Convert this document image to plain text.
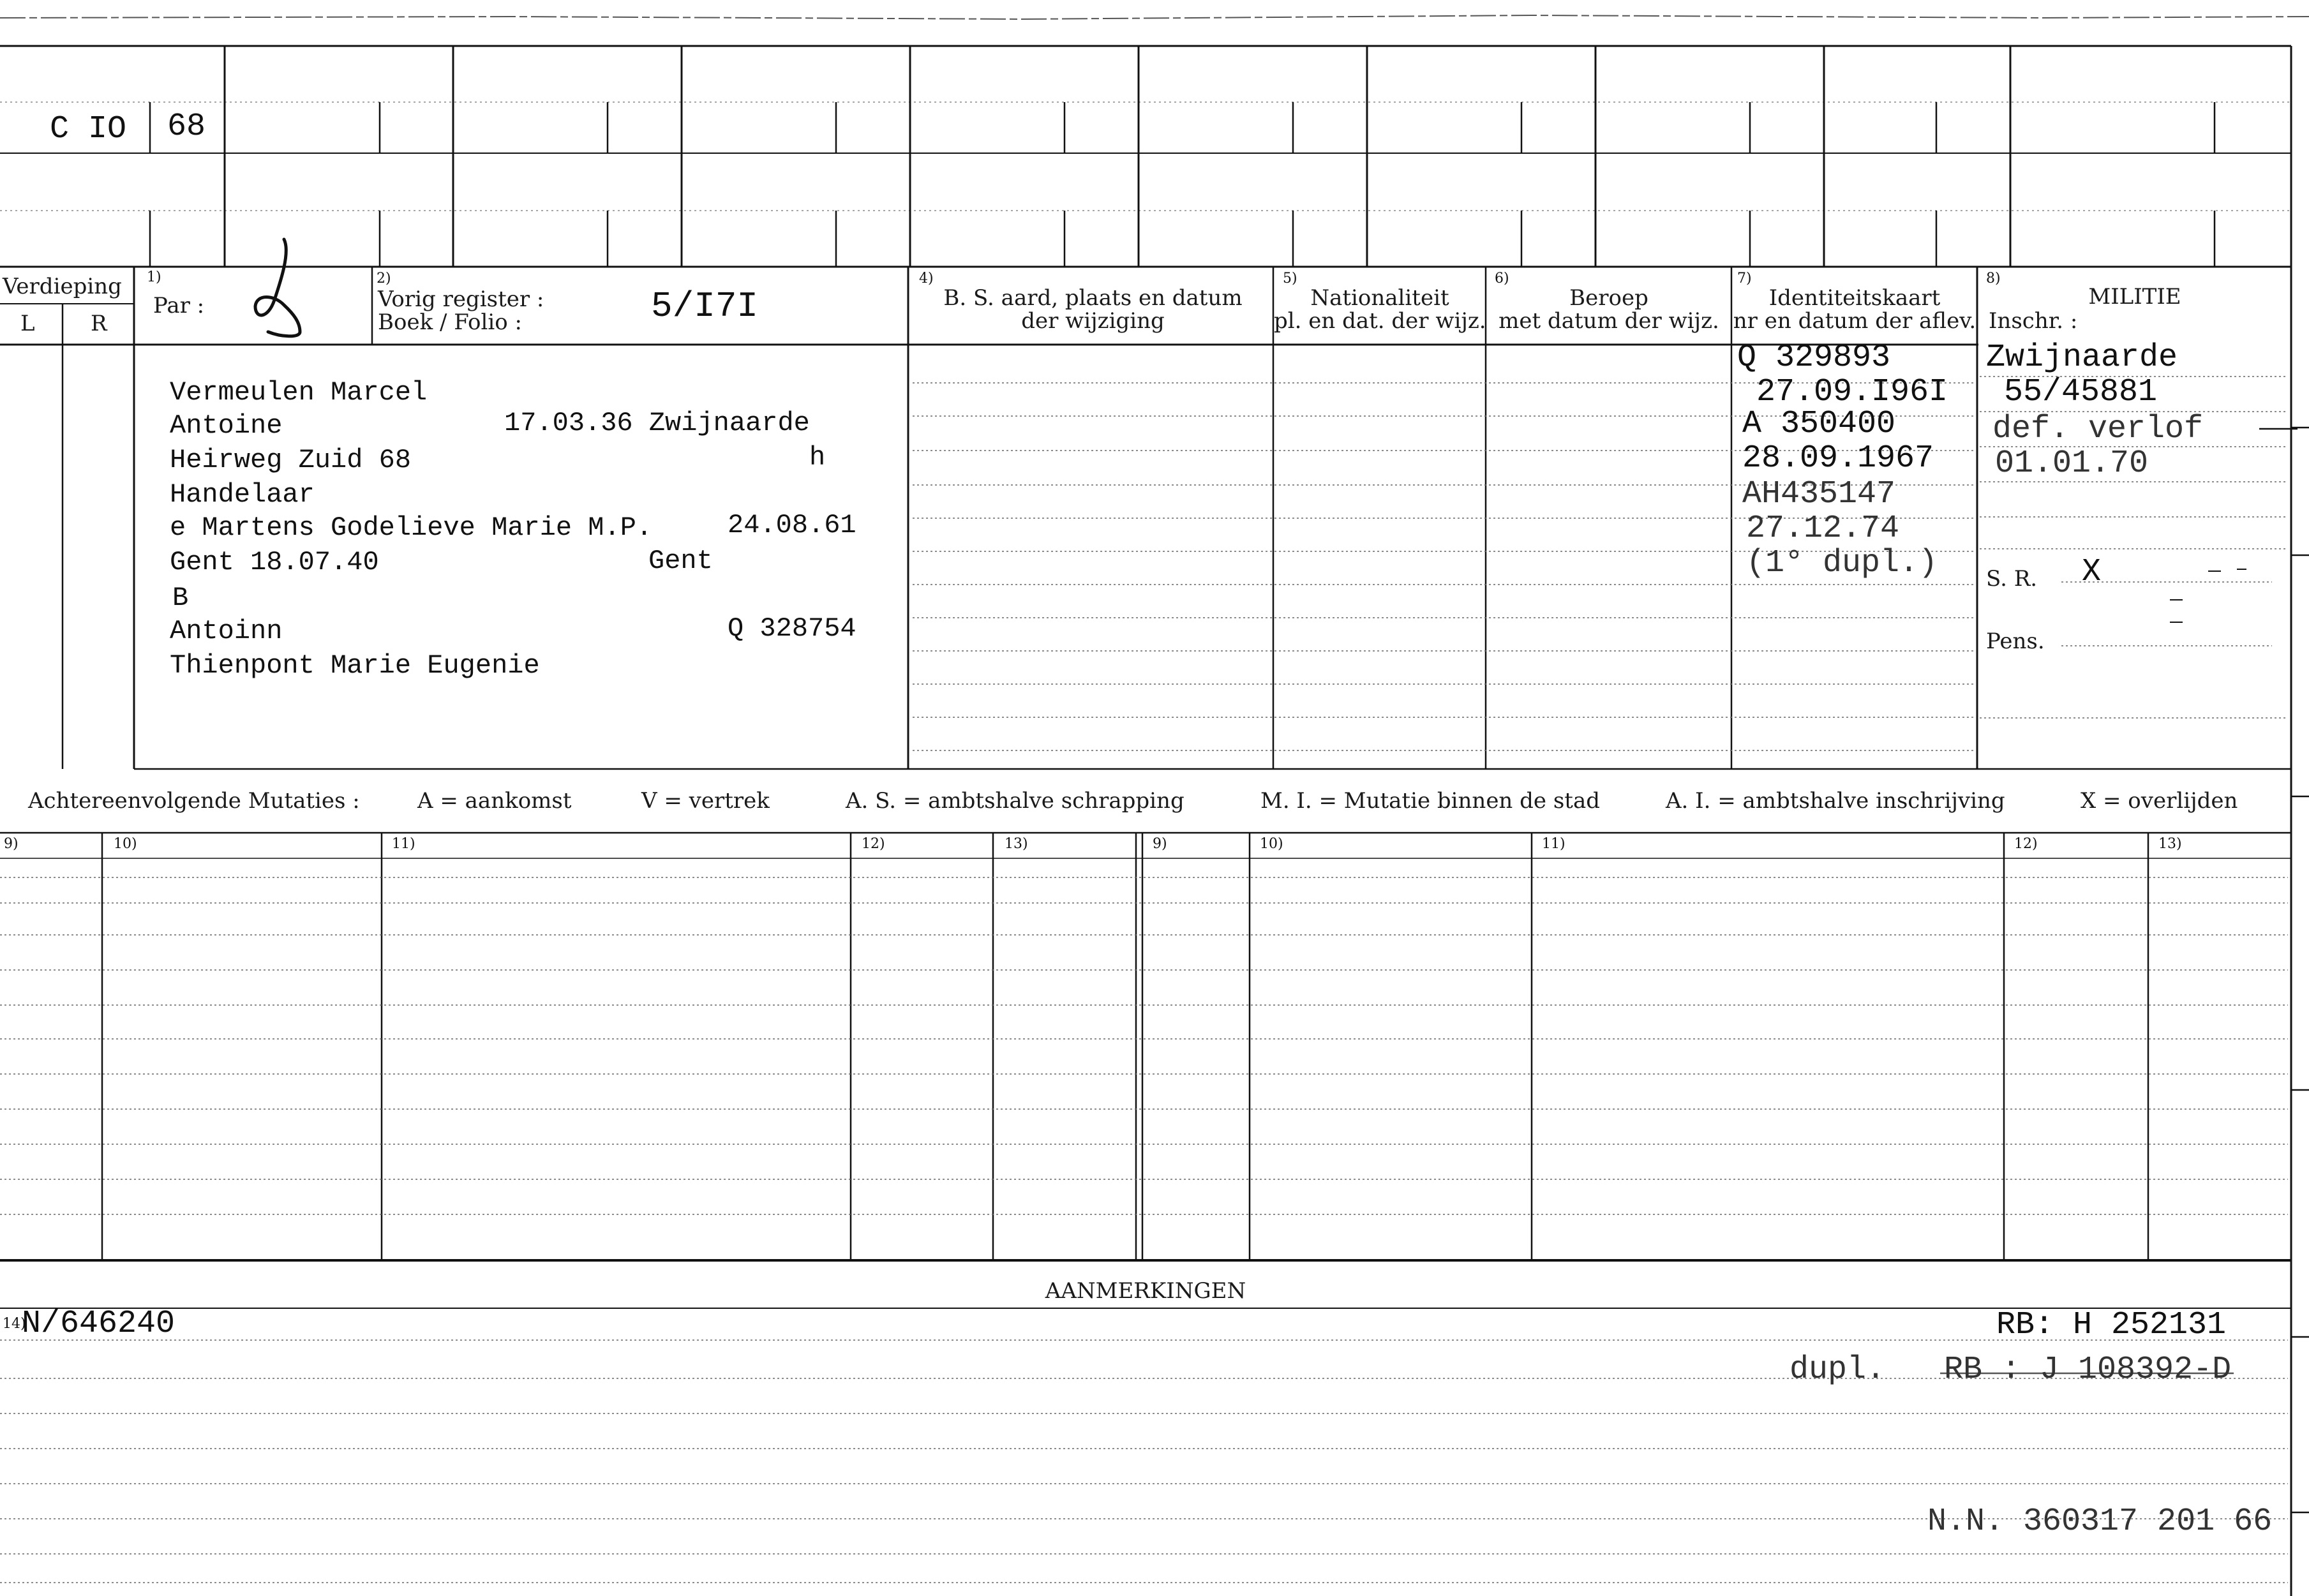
C IO 68
Verdieping
L	R
1)
Par :
2)
Vorig register :
Boek / Folio :	5/I7I
4)
B. S. aard, plaats en datum
der wijziging
5)
Nationaliteit
pl. en dat. der wijz.
6)
Beroep
met datum der wijz.
7)
Identiteitskaart
nr en datum der aflev.
8)
MILITIE
Inschr. :
Vermeulen Marcel
Antoine	17.03.36 Zwijnaarde
Heirweg Zuid 68	h
Handelaar
e Martens Godelieve Marie M.P.	24.08.61
Gent 18.07.40	Gent
B
Antoinn	Q 328754
Thienpont Marie Eugenie
Q 329893
27.09.I96I
A 350400
28.09.1967
AH435147
27.12.74
(1° dupl.)
Zwijnaarde
55/45881
def. verlof
01.01.70
S. R. X
Pens.
Achtereenvolgende Mutaties :	A = aankomst	V = vertrek	A. S. = ambtshalve schrapping	M. I. = Mutatie binnen de stad	A. I. = ambtshalve inschrijving	X = overlijden
9)	10)	11)	12)	13)	9)	10)	11)	12)	13)
AANMERKINGEN
14)
N/646240	RB: H 252131
dupl. RB : J 108392-D
N.N. 360317 201 66
